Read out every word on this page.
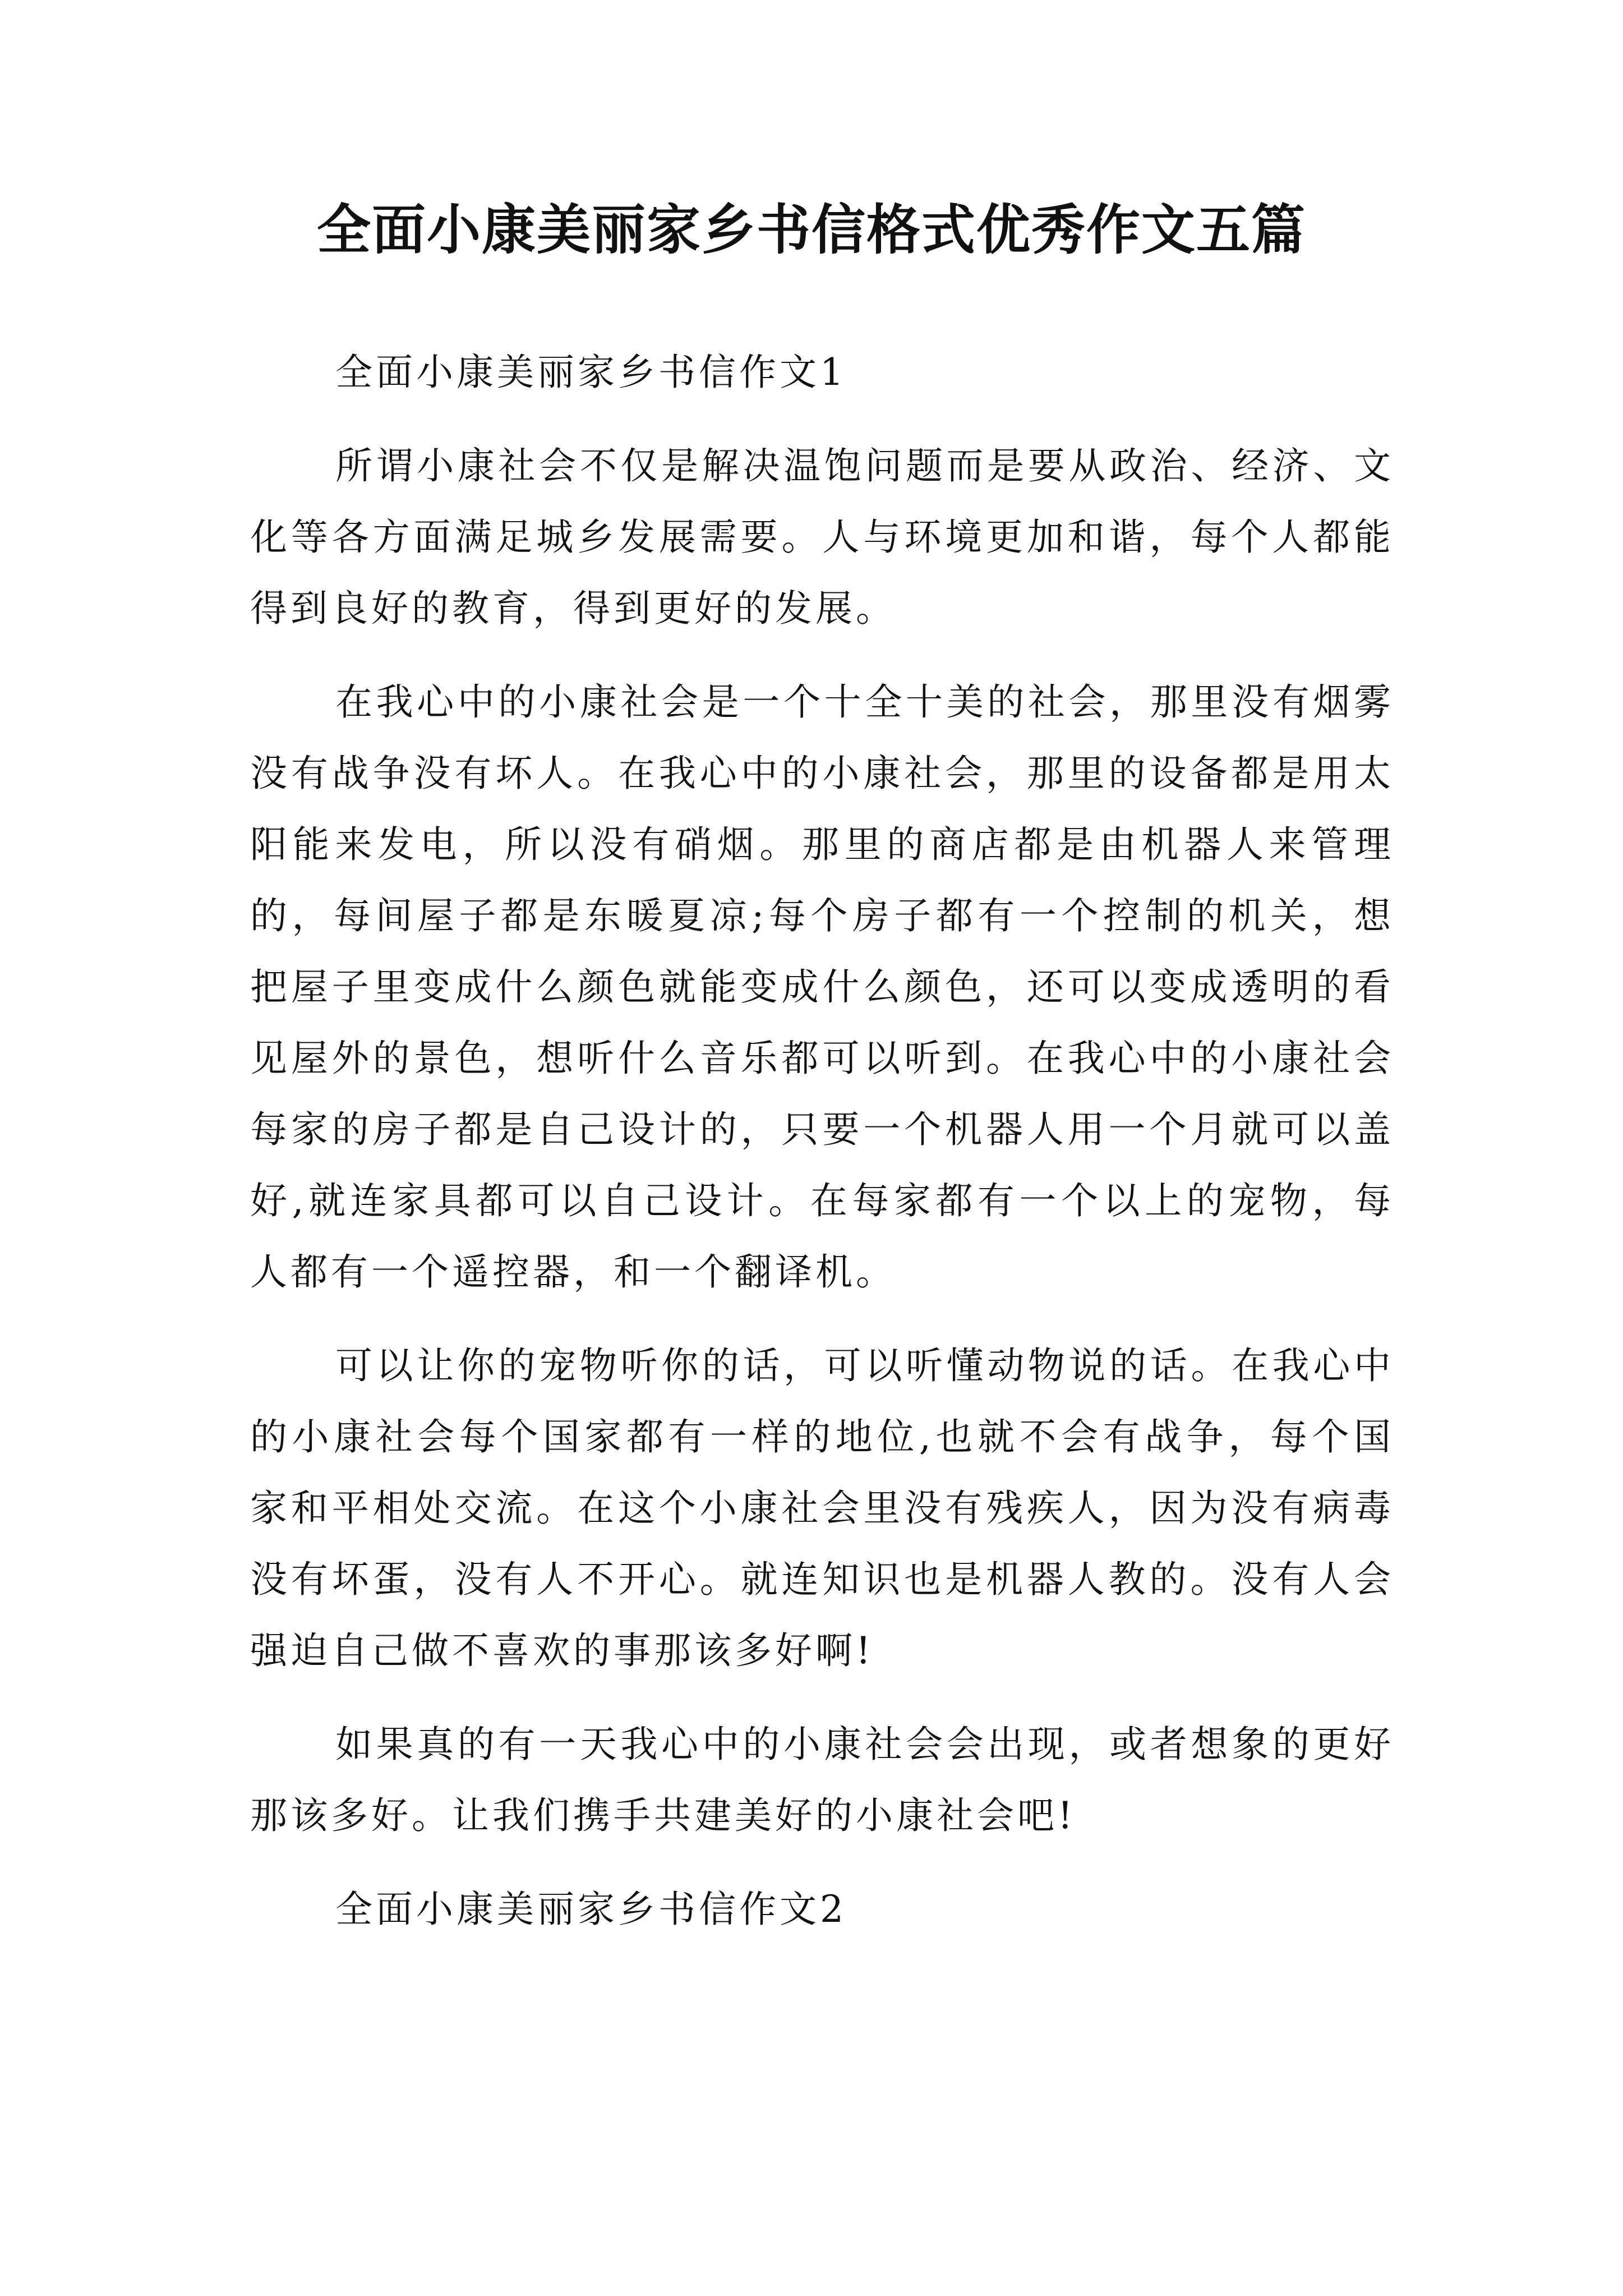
全面小康美丽家乡书信格式优秀作文五篇

全面小康美丽家乡书信作文1

所谓小康社会不仅是解决温饱问题而是要从政治、经济、文化等各方面满足城乡发展需要。人与环境更加和谐，每个人都能得到良好的教育，得到更好的发展。

在我心中的小康社会是一个十全十美的社会，那里没有烟雾没有战争没有坏人。在我心中的小康社会，那里的设备都是用太阳能来发电，所以没有硝烟。那里的商店都是由机器人来管理的，每间屋子都是东暖夏凉;每个房子都有一个控制的机关，想把屋子里变成什么颜色就能变成什么颜色，还可以变成透明的看见屋外的景色，想听什么音乐都可以听到。在我心中的小康社会每家的房子都是自己设计的，只要一个机器人用一个月就可以盖好,就连家具都可以自己设计。在每家都有一个以上的宠物，每人都有一个遥控器，和一个翻译机。

可以让你的宠物听你的话，可以听懂动物说的话。在我心中的小康社会每个国家都有一样的地位,也就不会有战争，每个国家和平相处交流。在这个小康社会里没有残疾人，因为没有病毒没有坏蛋，没有人不开心。就连知识也是机器人教的。没有人会强迫自己做不喜欢的事那该多好啊!

如果真的有一天我心中的小康社会会出现，或者想象的更好那该多好。让我们携手共建美好的小康社会吧!

全面小康美丽家乡书信作文2
